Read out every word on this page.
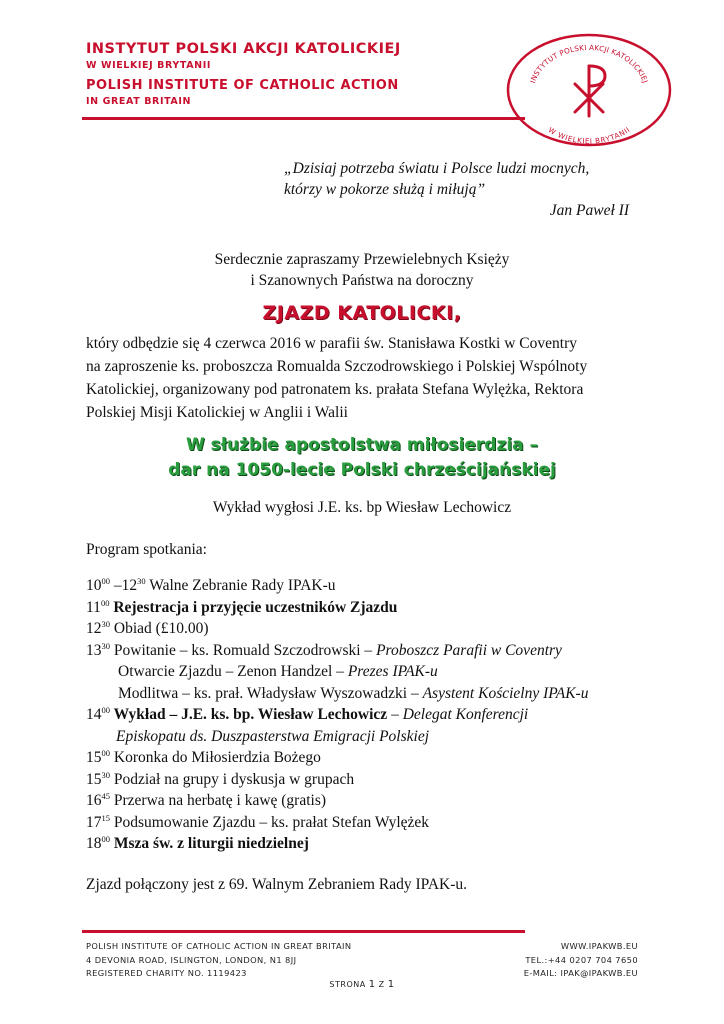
INSTYTUT POLSKI AKCJI KATOLICKIEJ
W WIELKIEJ BRYTANII
POLISH INSTITUTE OF CATHOLIC ACTION
IN GREAT BRITAIN
INSTYTUT POLSKI AKCJI KATOLICKIEJ
W WIELKIEJ BRYTANII
„Dzisiaj potrzeba światu i Polsce ludzi mocnych,
którzy w pokorze służą i miłują”
Jan Paweł II
Serdecznie zapraszamy Przewielebnych Księży
i Szanownych Państwa na doroczny
ZJAZD KATOLICKI,
który odbędzie się 4 czerwca 2016 w parafii św. Stanisława Kostki w Coventry
na zaproszenie ks. proboszcza Romualda Szczodrowskiego i Polskiej Wspólnoty
Katolickiej, organizowany pod patronatem ks. prałata Stefana Wylężka, Rektora
Polskiej Misji Katolickiej w Anglii i Walii
W służbie apostolstwa miłosierdzia –
dar na 1050-lecie Polski chrześcijańskiej
Wykład wygłosi J.E. ks. bp Wiesław Lechowicz
Program spotkania:
$10^{00}$ $-12^{30}$ Walne Zebranie Rady IPAK-u
$11^{00}$ Rejestracja i przyjęcie uczestników Zjazdu
$12^{30}$ Obiad (£10.00)
$13^{30}$ Powitanie – ks. Romuald Szczodrowski – Proboszcz Parafii w Coventry
Otwarcie Zjazdu – Zenon Handzel – Prezes IPAK-u
Modlitwa – ks. prał. Władysław Wyszowadzki – Asystent Kościelny IPAK-u
$14^{00}$ Wykład – J.E. ks. bp. Wiesław Lechowicz – Delegat Konferencji
Episkopatu ds. Duszpasterstwa Emigracji Polskiej
$15^{00}$ Koronka do Miłosierdzia Bożego
$15^{30}$ Podział na grupy i dyskusja w grupach
$16^{45}$ Przerwa na herbatę i kawę (gratis)
$17^{15}$ Podsumowanie Zjazdu – ks. prałat Stefan Wylężek
$18^{00}$ Msza św. z liturgii niedzielnej
Zjazd połączony jest z 69. Walnym Zebraniem Rady IPAK-u.
POLISH INSTITUTE OF CATHOLIC ACTION IN GREAT BRITAIN
4 DEVONIA ROAD, ISLINGTON, LONDON, N1 8JJ
REGISTERED CHARITY NO. 1119423
WWW.IPAKWB.EU
TEL.:+44 0207 704 7650
E-MAIL: IPAK@IPAKWB.EU
STRONA 1 Z 1
